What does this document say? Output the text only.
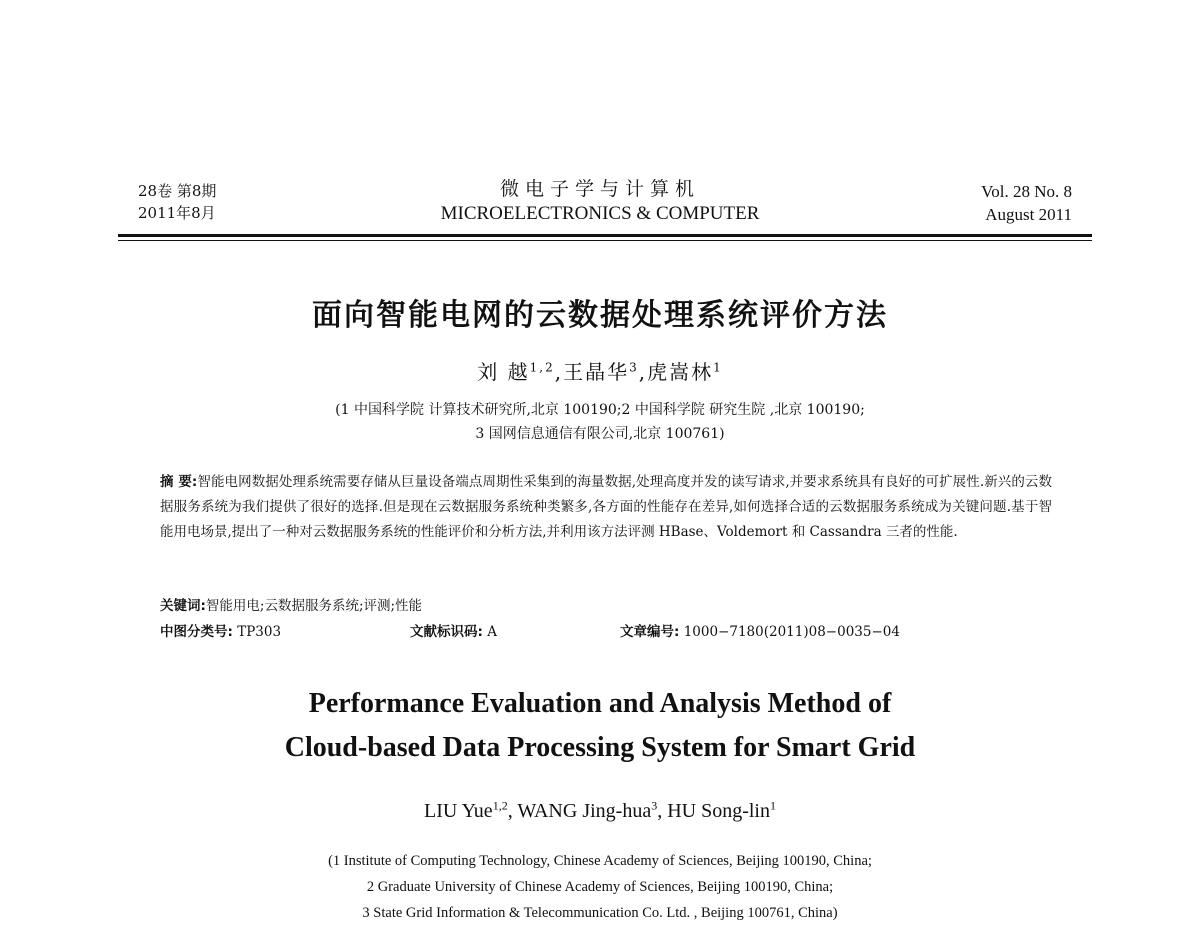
28卷 第8期
2011年8月
微电子学与计算机
MICROELECTRONICS & COMPUTER
Vol. 28 No. 8
August 2011
面向智能电网的云数据处理系统评价方法
刘 越$^{1,2}$,王晶华$^3$,虎嵩林$^1$
(1 中国科学院 计算技术研究所,北京 100190;2 中国科学院 研究生院 ,北京 100190;
3 国网信息通信有限公司,北京 100761)
摘 要:智能电网数据处理系统需要存储从巨量设备端点周期性采集到的海量数据,处理高度并发的读写请求,并要求系统具有良好的可扩展性.新兴的云数据服务系统为我们提供了很好的选择.但是现在云数据服务系统种类繁多,各方面的性能存在差异,如何选择合适的云数据服务系统成为关键问题.基于智能用电场景,提出了一种对云数据服务系统的性能评价和分析方法,并利用该方法评测 HBase、Voldemort 和 Cassandra 三者的性能.
关键词:智能用电;云数据服务系统;评测;性能
中图分类号: TP303	文献标识码: A	文章编号: 1000−7180(2011)08−0035−04
Performance Evaluation and Analysis Method of
Cloud-based Data Processing System for Smart Grid
LIU Yue$^{1,2}$, WANG Jing-hua$^3$, HU Song-lin$^1$
(1 Institute of Computing Technology, Chinese Academy of Sciences, Beijing 100190, China;
2 Graduate University of Chinese Academy of Sciences, Beijing 100190, China;
3 State Grid Information & Telecommunication Co. Ltd. , Beijing 100761, China)
